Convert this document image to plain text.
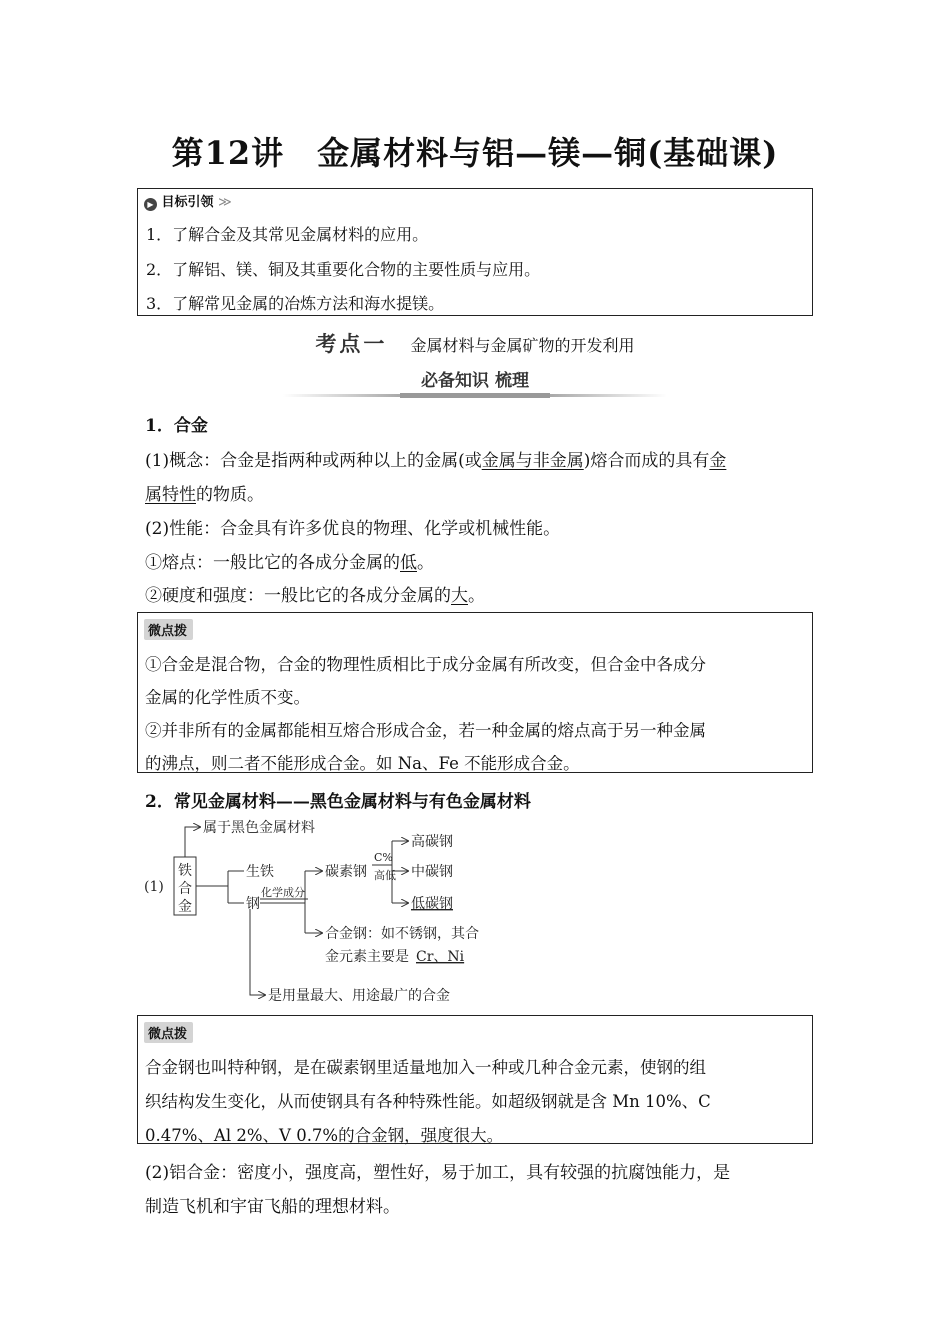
第12讲　金属材料与铝—镁—铜(基础课)
▶ 目标引领 ≫
1．了解合金及其常见金属材料的应用。
2．了解铝、镁、铜及其重要化合物的主要性质与应用。
3．了解常见金属的冶炼方法和海水提镁。
考点一 金属材料与金属矿物的开发利用
必备知识 梳理
1．合金
(1)概念：合金是指两种或两种以上的金属(或金属与非金属)熔合而成的具有金
属特性的物质。
(2)性能：合金具有许多优良的物理、化学或机械性能。
①熔点：一般比它的各成分金属的低。
②硬度和强度：一般比它的各成分金属的大。
微点拨
①合金是混合物，合金的物理性质相比于成分金属有所改变，但合金中各成分
金属的化学性质不变。
②并非所有的金属都能相互熔合形成合金，若一种金属的熔点高于另一种金属
的沸点，则二者不能形成合金。如 Na、Fe 不能形成合金。
2．常见金属材料——黑色金属材料与有色金属材料
(1)
铁
合
金
属于黑色金属材料
生铁
钢
化学成分
碳素钢
C%
高低
高碳钢
中碳钢
低碳钢
合金钢：如不锈钢，其合
金元素主要是 Cr、Ni
是用量最大、用途最广的合金
微点拨
合金钢也叫特种钢，是在碳素钢里适量地加入一种或几种合金元素，使钢的组
织结构发生变化，从而使钢具有各种特殊性能。如超级钢就是含 Mn 10%、C
0.47%、Al 2%、V 0.7%的合金钢，强度很大。
(2)铝合金：密度小，强度高，塑性好，易于加工，具有较强的抗腐蚀能力，是
制造飞机和宇宙飞船的理想材料。
